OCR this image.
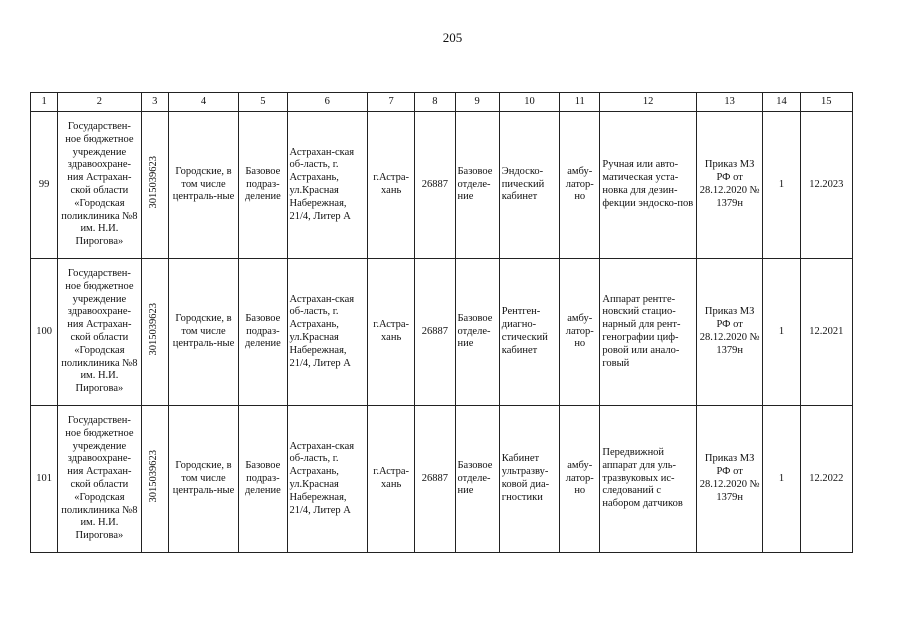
205
1	2	3	4	5	6	7	8	9	10	11	12	13	14	15
99	Государствен-ное бюджетное учреждение здравоохране-ния Астрахан-ской области «Городская поликлиника №8 им. Н.И. Пирогова»	3015039623	Городские, в том числе централь-ные	Базовое подраз-деление	Астрахан-ская об-ласть, г. Астрахань, ул.Красная Набережная, 21/4, Литер А	г.Астра-хань	26887	Базовое отделе-ние	Эндоско-пический кабинет	амбу-латор-но	Ручная или авто-матическая уста-новка для дезин-фекции эндоско-пов	Приказ МЗ РФ от 28.12.2020 № 1379н	1	12.2023
100	Государствен-ное бюджетное учреждение здравоохране-ния Астрахан-ской области «Городская поликлиника №8 им. Н.И. Пирогова»	3015039623	Городские, в том числе централь-ные	Базовое подраз-деление	Астрахан-ская об-ласть, г. Астрахань, ул.Красная Набережная, 21/4, Литер А	г.Астра-хань	26887	Базовое отделе-ние	Рентген-диагно-стический кабинет	амбу-латор-но	Аппарат рентге-новский стацио-нарный для рент-генографии циф-ровой или анало-говый	Приказ МЗ РФ от 28.12.2020 № 1379н	1	12.2021
101	Государствен-ное бюджетное учреждение здравоохране-ния Астрахан-ской области «Городская поликлиника №8 им. Н.И. Пирогова»	3015039623	Городские, в том числе централь-ные	Базовое подраз-деление	Астрахан-ская об-ласть, г. Астрахань, ул.Красная Набережная, 21/4, Литер А	г.Астра-хань	26887	Базовое отделе-ние	Кабинет ультразву-ковой диа-гностики	амбу-латор-но	Передвижной аппарат для уль-тразвуковых ис-следований с набором датчиков	Приказ МЗ РФ от 28.12.2020 № 1379н	1	12.2022
